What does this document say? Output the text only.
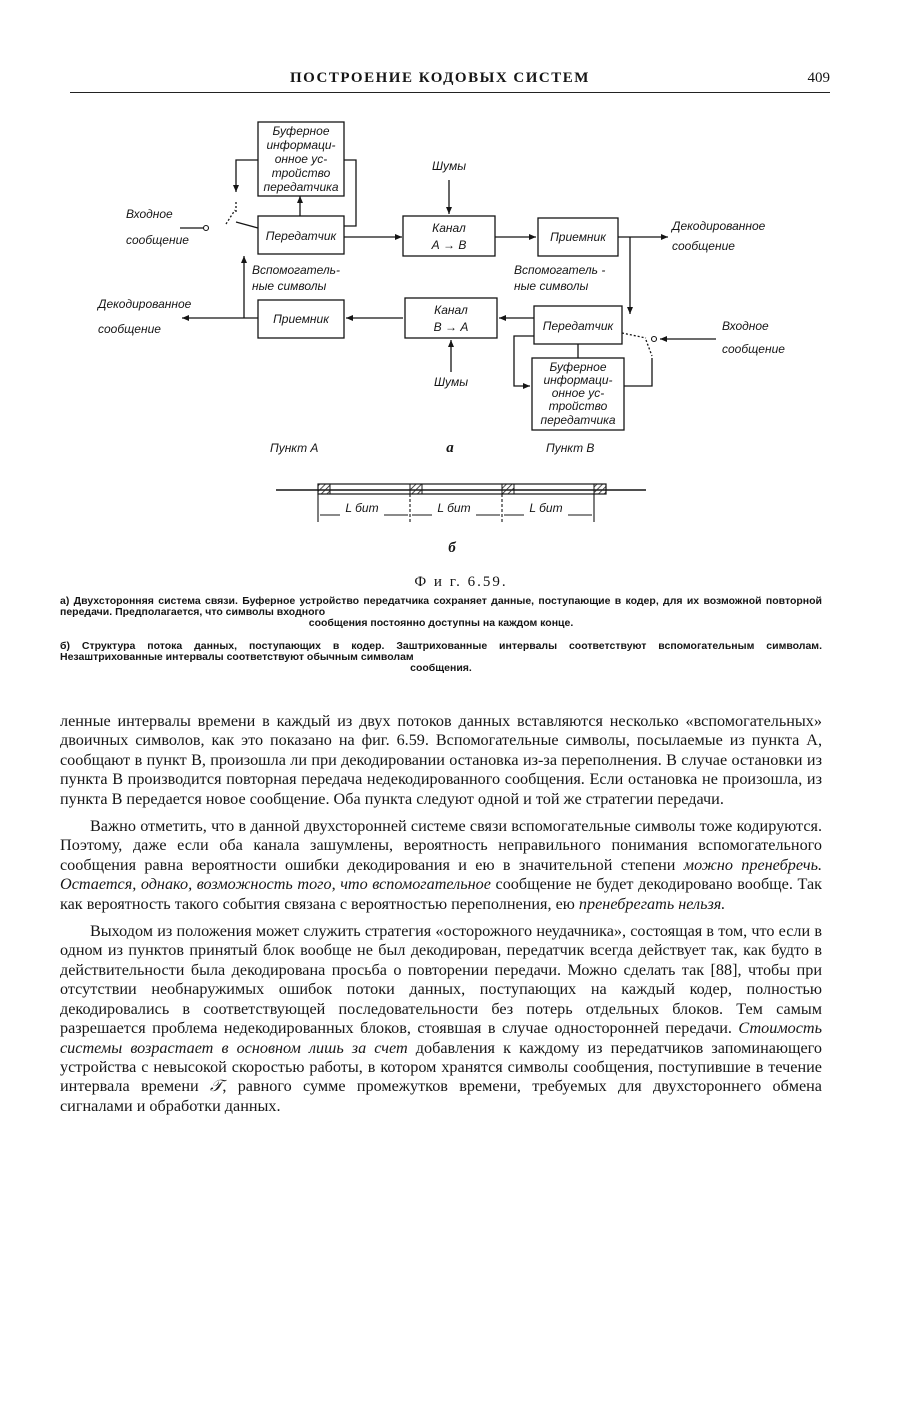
ПОСТРОЕНИЕ КОДОВЫХ СИСТЕМ	409
Буферное
информаци-
онное ус-
тройство
передатчика
Входное
сообщение	Передатчик
Шумы
Канал
А → В
Приемник
Декодированное
сообщение
Вспомогатель -
ные символы
Вспомогатель-
ные символы
Декодированное
сообщение
Приемник
Канал
В → А
Шумы
Передатчик	Входное
сообщение
Буферное
информаци-
онное ус-
тройство
передатчика
Пункт А	а	Пункт В
L бит	L бит	L бит
б
Ф и г. 6.59.
а) Двухсторонняя система связи. Буферное устройство передатчика сохраняет данные, поступающие в кодер, для их возможной повторной передачи. Предполагается, что символы входного
сообщения постоянно доступны на каждом конце.
б) Структура потока данных, поступающих в кодер. Заштрихованные интервалы соответствуют вспомогательным символам. Незаштрихованные интервалы соответствуют обычным символам
сообщения.

ленные интервалы времени в каждый из двух потоков данных вставляются несколько «вспомогательных» двоичных символов, как это показано на фиг. 6.59. Вспомогательные символы, посылаемые из пункта А, сообщают в пункт В, произошла ли при декодировании остановка из-за переполнения. В случае остановки из пункта В производится повторная передача недекодированного сообщения. Если остановка не произошла, из пункта В передается новое сообщение. Оба пункта следуют одной и той же стратегии передачи.

Важно отметить, что в данной двухсторонней системе связи вспомогательные символы тоже кодируются. Поэтому, даже если оба канала зашумлены, вероятность неправильного понимания вспомогательного сообщения равна вероятности ошибки декодирования и ею в значительной степени можно пренебречь. Остается, однако, возможность того, что вспомогательное сообщение не будет декодировано вообще. Так как вероятность такого события связана с вероятностью переполнения, ею пренебрегать нельзя.

Выходом из положения может служить стратегия «осторожного неудачника», состоящая в том, что если в одном из пунктов принятый блок вообще не был декодирован, передатчик всегда действует так, как будто в действительности была декодирована просьба о повторении передачи. Можно сделать так [88], чтобы при отсутствии необнаружимых ошибок потоки данных, поступающих на каждый кодер, полностью декодировались в соответствующей последовательности без потерь отдельных блоков. Тем самым разрешается проблема недекодированных блоков, стоявшая в случае односторонней передачи. Стоимость системы возрастает в основном лишь за счет добавления к каждому из передатчиков запоминающего устройства с невысокой скоростью работы, в котором хранятся символы сообщения, поступившие в течение интервала времени 𝒯, равного сумме промежутков времени, требуемых для двухстороннего обмена сигналами и обработки данных.
